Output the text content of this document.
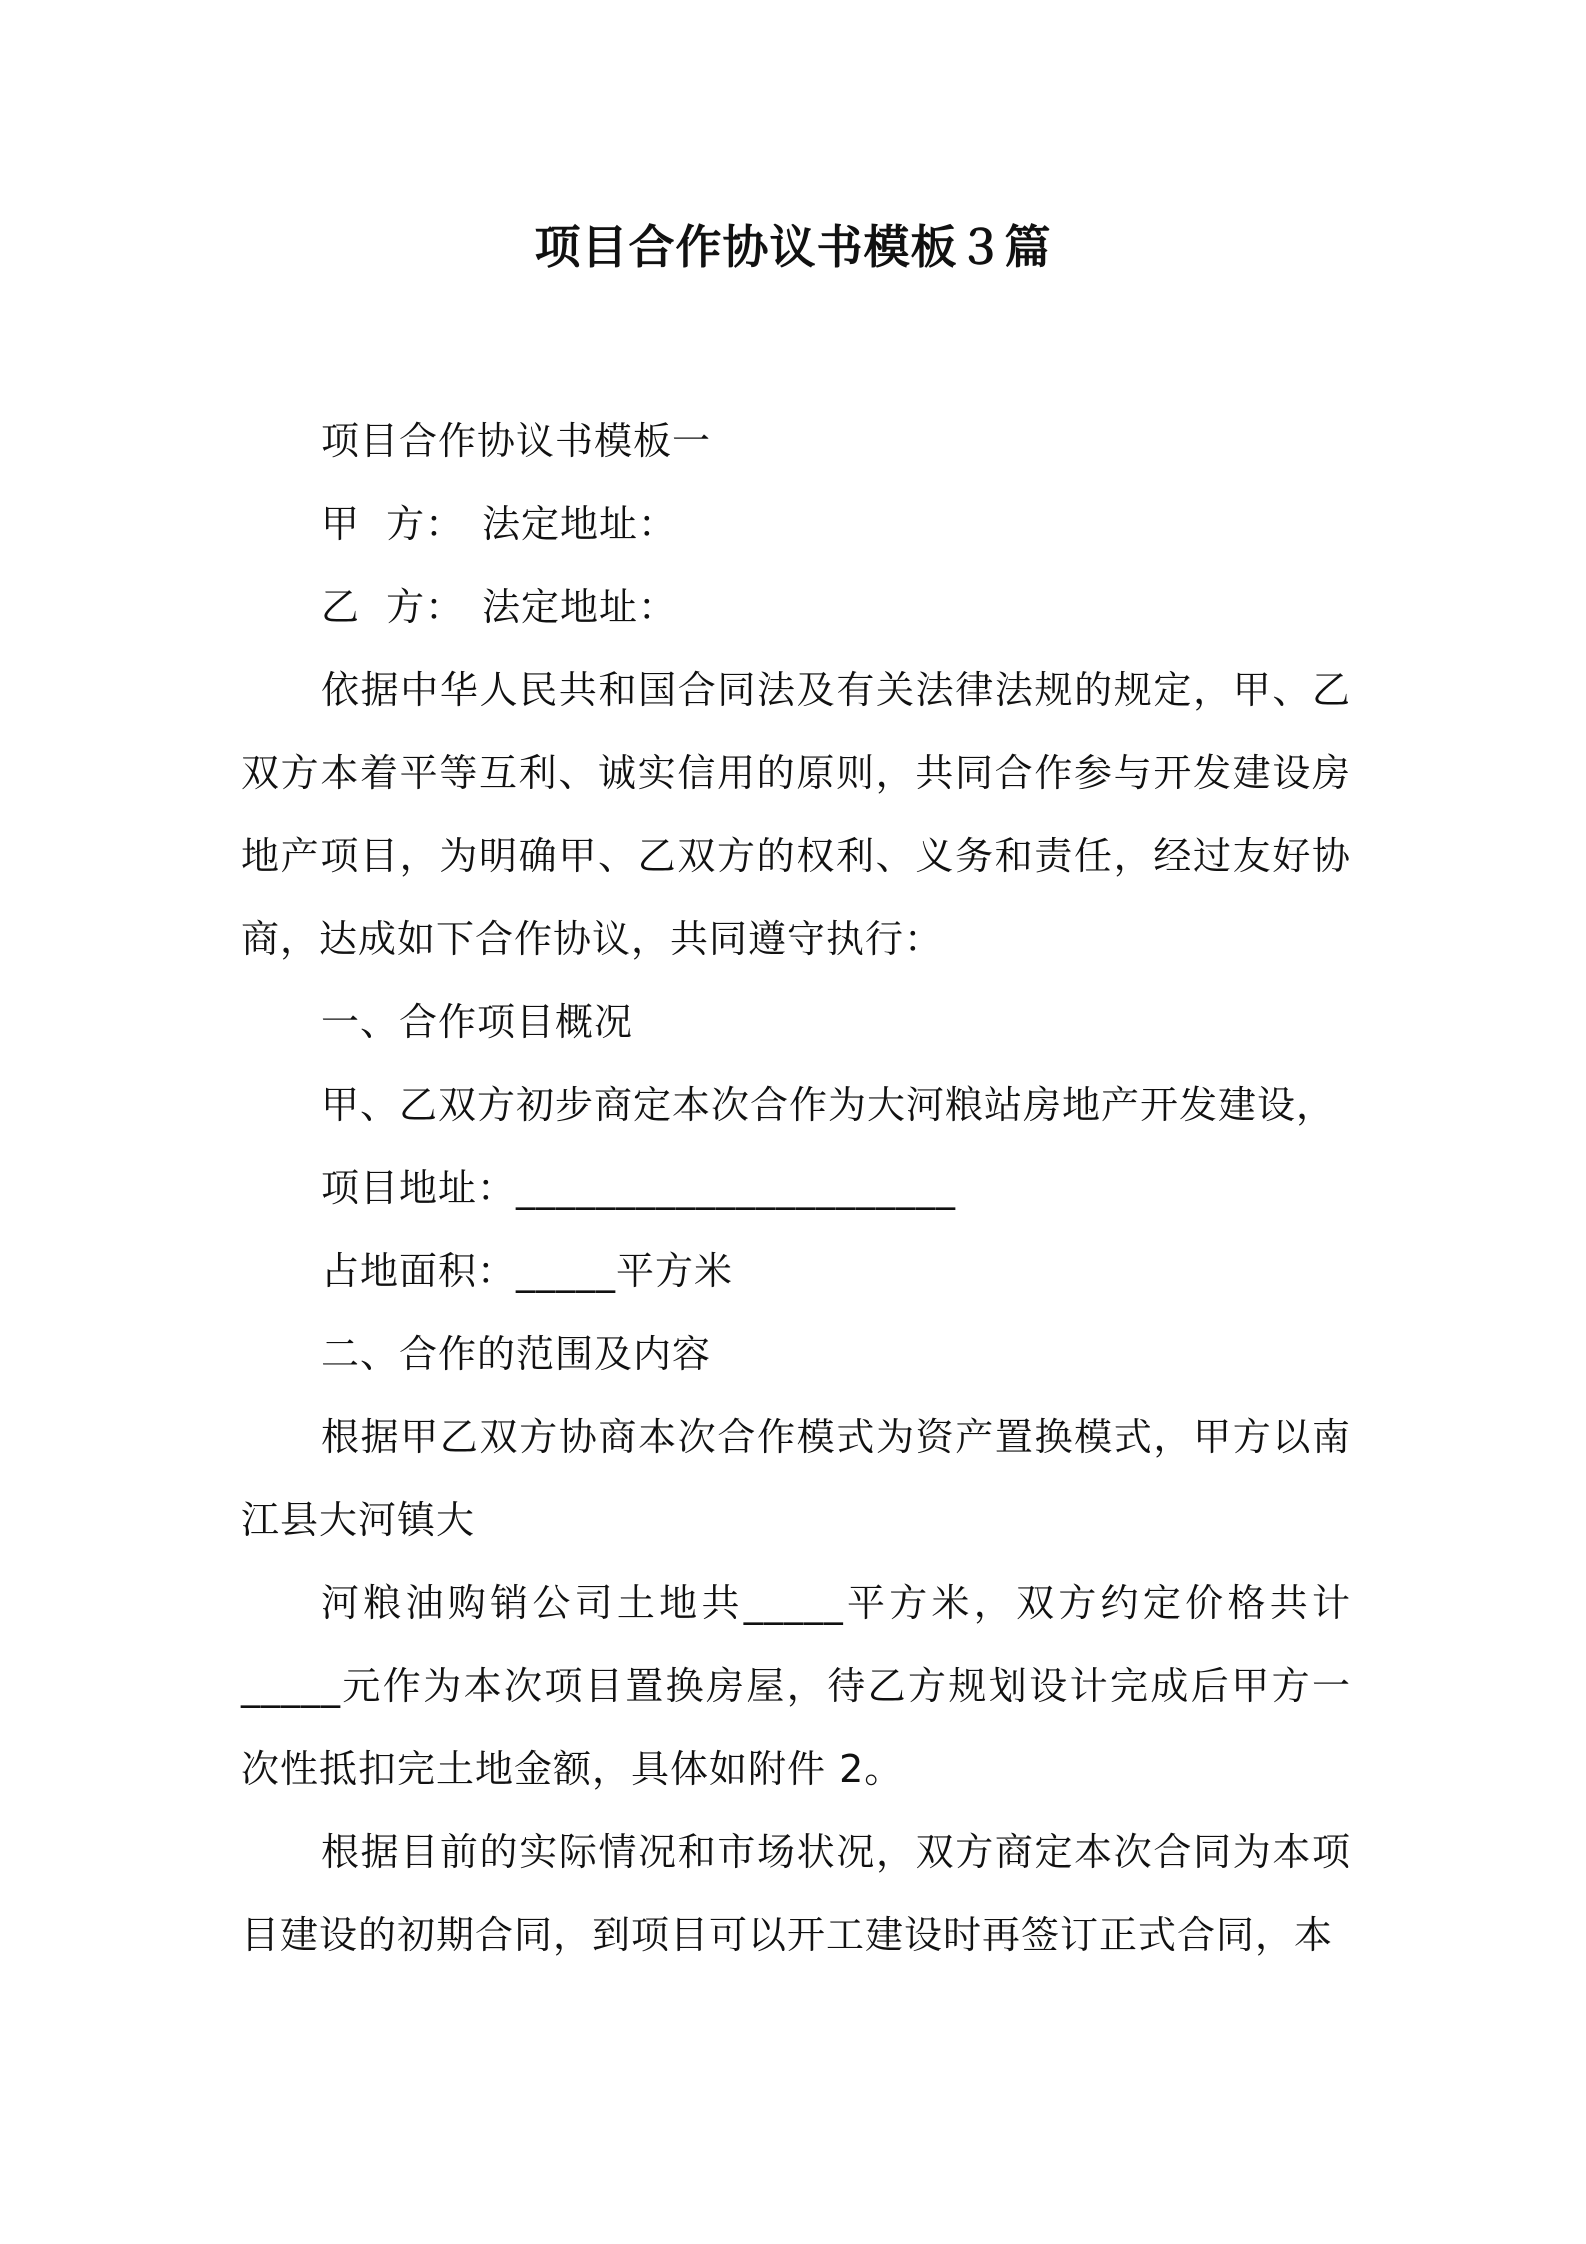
项目合作协议书模板３篇

项目合作协议书模板一

甲  方： 法定地址：
乙  方： 法定地址：

依据中华人民共和国合同法及有关法律法规的规定，甲、乙双方本着平等互利、诚实信用的原则，共同合作参与开发建设房地产项目，为明确甲、乙双方的权利、义务和责任，经过友好协商，达成如下合作协议，共同遵守执行：

一、合作项目概况

甲、乙双方初步商定本次合作为大河粮站房地产开发建设，

项目地址：______________________

占地面积：_____平方米

二、合作的范围及内容

根据甲乙双方协商本次合作模式为资产置换模式，甲方以南江县大河镇大

河粮油购销公司土地共_____平方米，双方约定价格共计_____元作为本次项目置换房屋，待乙方规划设计完成后甲方一次性抵扣完土地金额，具体如附件 2。

根据目前的实际情况和市场状况，双方商定本次合同为本项目建设的初期合同，到项目可以开工建设时再签订正式合同，本
